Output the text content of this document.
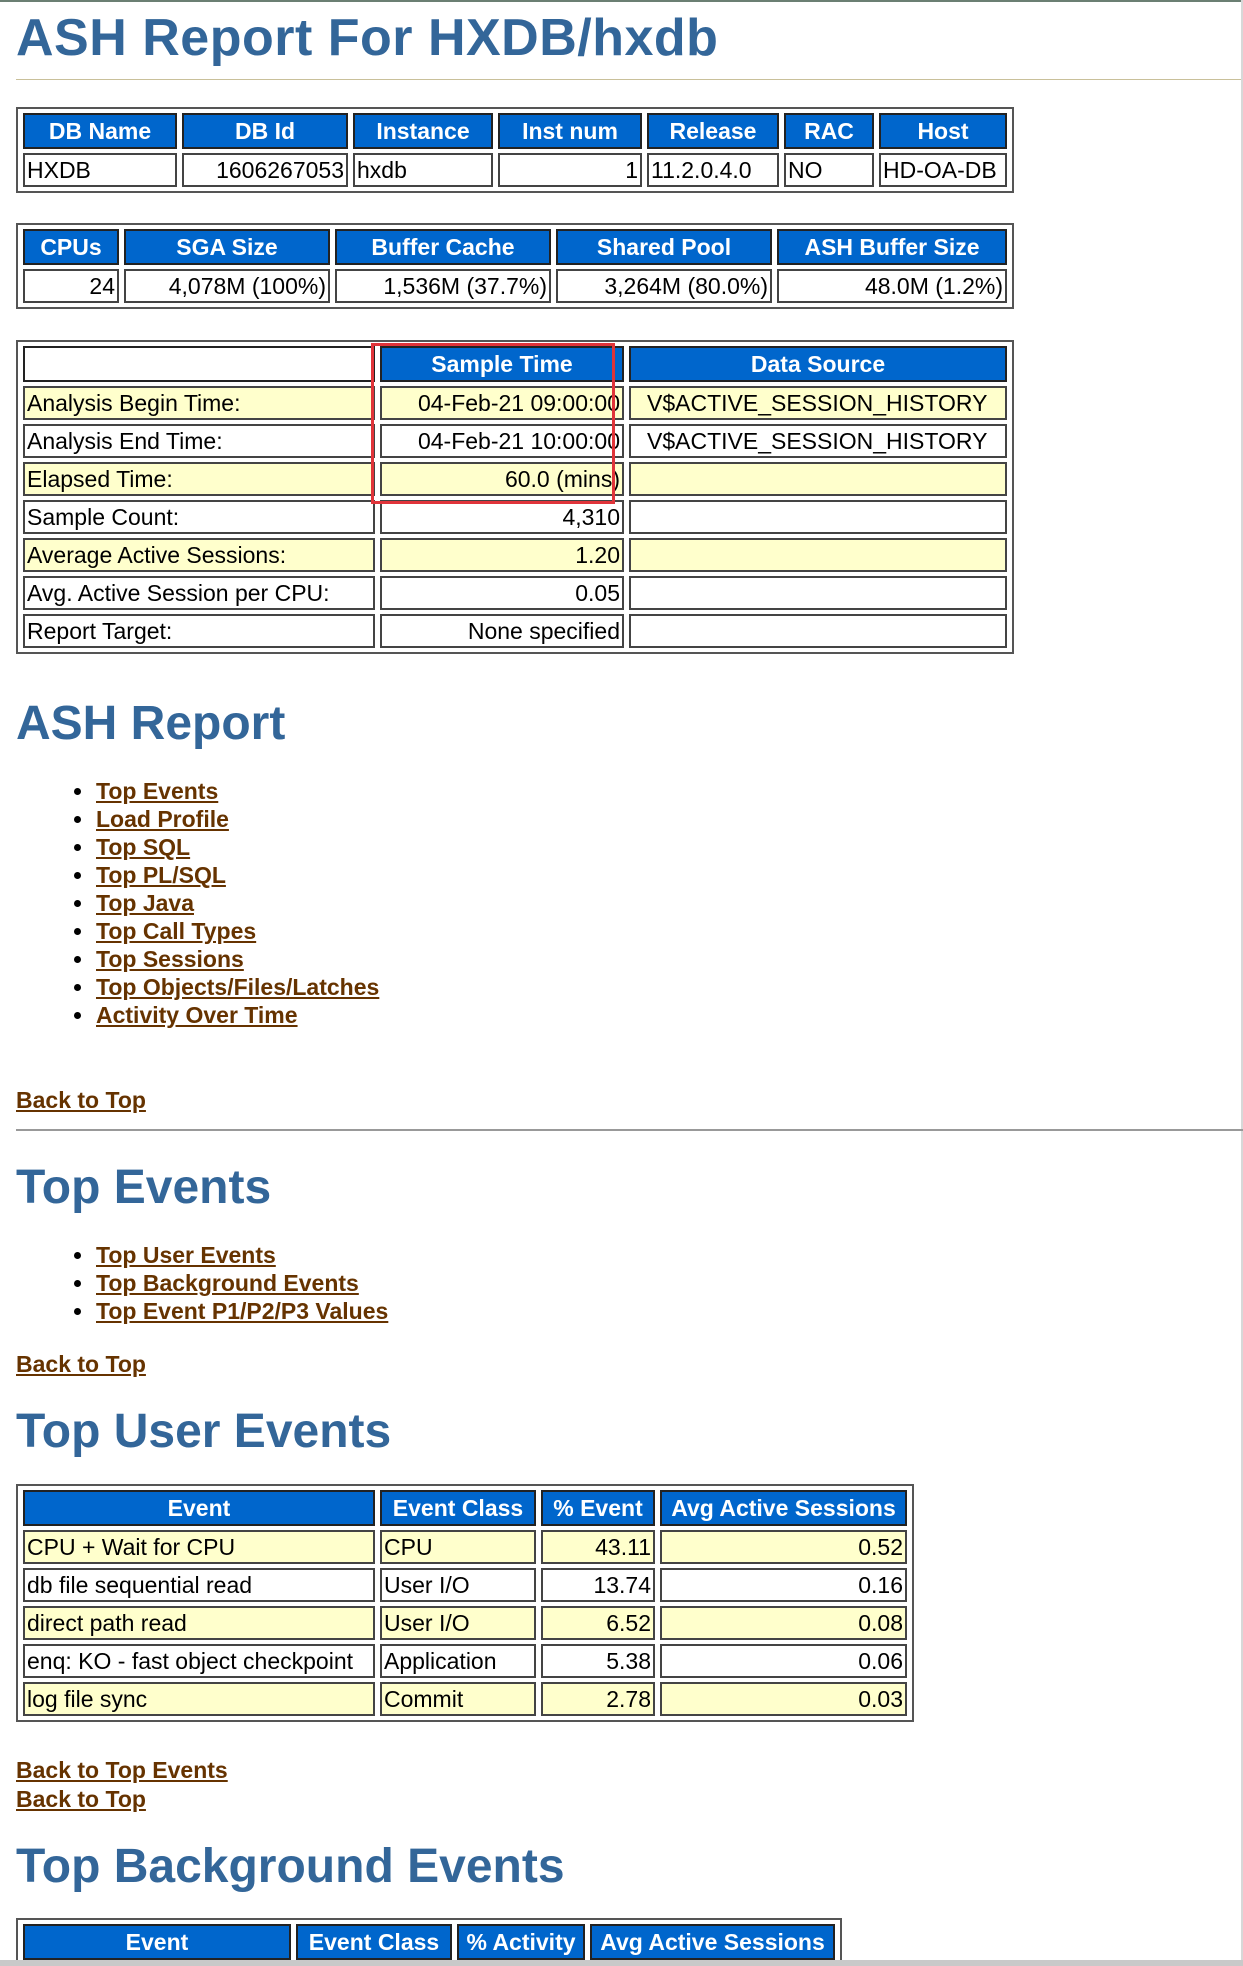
ASH Report For HXDB/hxdb
DB Name	DB Id	Instance	Inst num	Release	RAC	Host
HXDB	1606267053	hxdb	1	11.2.0.4.0	NO	HD-OA-DB
CPUs	SGA Size	Buffer Cache	Shared Pool	ASH Buffer Size
24	4,078M (100%)	1,536M (37.7%)	3,264M (80.0%)	48.0M (1.2%)
	Sample Time	Data Source
Analysis Begin Time:	04-Feb-21 09:00:00	V$ACTIVE_SESSION_HISTORY
Analysis End Time:	04-Feb-21 10:00:00	V$ACTIVE_SESSION_HISTORY
Elapsed Time:	60.0 (mins)	
Sample Count:	4,310	
Average Active Sessions:	1.20	
Avg. Active Session per CPU:	0.05	
Report Target:	None specified	
ASH Report
Top Events
Load Profile
Top SQL
Top PL/SQL
Top Java
Top Call Types
Top Sessions
Top Objects/Files/Latches
Activity Over Time
Back to Top
Top Events
Top User Events
Top Background Events
Top Event P1/P2/P3 Values
Back to Top
Top User Events
Event	Event Class	% Event	Avg Active Sessions
CPU + Wait for CPU	CPU	43.11	0.52
db file sequential read	User I/O	13.74	0.16
direct path read	User I/O	6.52	0.08
enq: KO - fast object checkpoint	Application	5.38	0.06
log file sync	Commit	2.78	0.03
Back to Top Events
Back to Top
Top Background Events
Event	Event Class	% Activity	Avg Active Sessions
